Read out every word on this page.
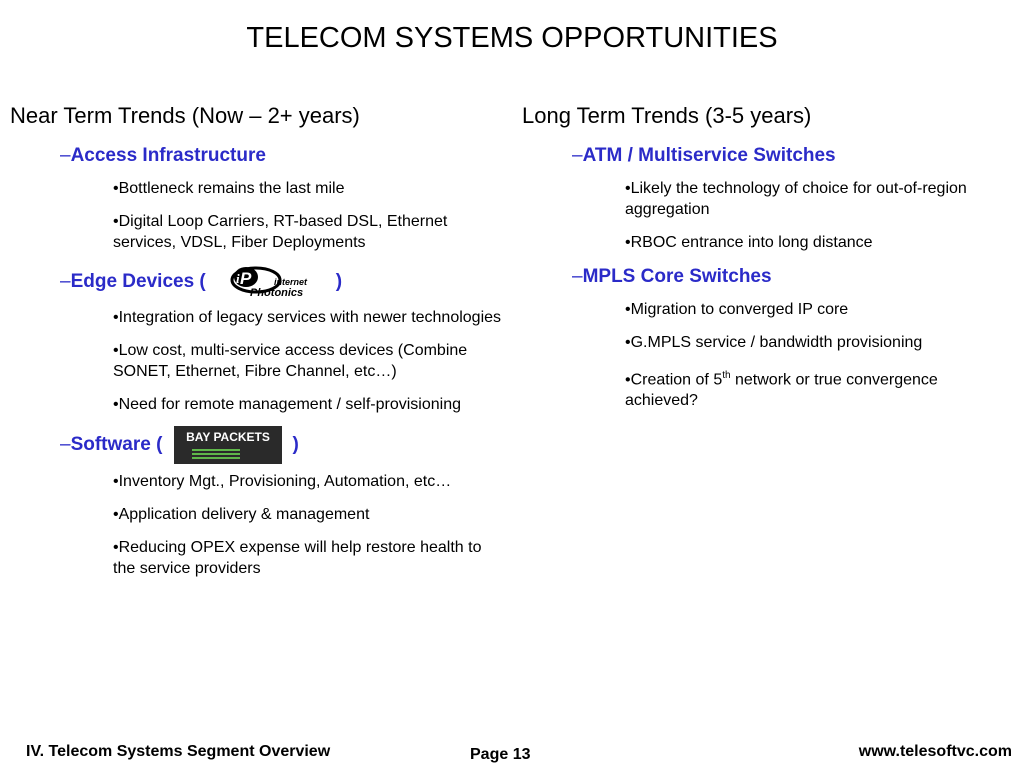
TELECOM SYSTEMS OPPORTUNITIES
Near Term Trends (Now – 2+ years)
–Access Infrastructure
•Bottleneck remains the last mile
•Digital Loop Carriers, RT-based DSL, Ethernet services, VDSL, Fiber Deployments
–Edge Devices ( P
i	internet
Photonics
)
•Integration of legacy services with newer technologies
•Low cost, multi-service access devices (Combine SONET, Ethernet, Fibre Channel, etc…)
•Need for remote management / self-provisioning
–Software ( BAY PACKETS )
•Inventory Mgt., Provisioning, Automation, etc…
•Application delivery & management
•Reducing OPEX expense will help restore health to the service providers
Long Term Trends (3-5 years)
–ATM / Multiservice Switches
•Likely the technology of choice for out-of-region aggregation
•RBOC entrance into long distance
–MPLS Core Switches
•Migration to converged IP core
•G.MPLS service / bandwidth provisioning
•Creation of 5th network or true convergence achieved?
IV. Telecom Systems Segment Overview	Page 13	www.telesoftvc.com
